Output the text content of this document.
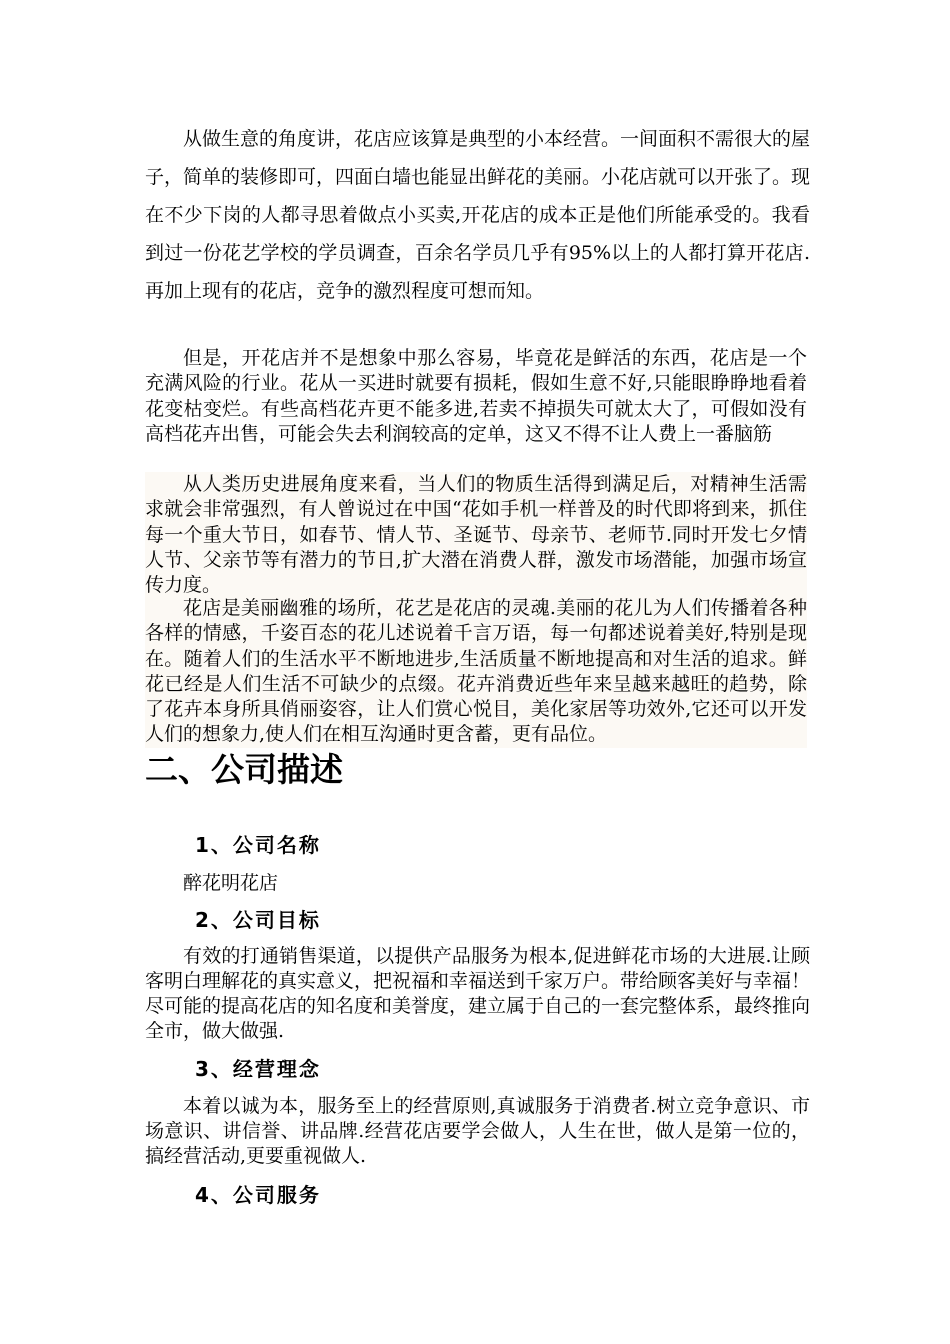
从做生意的角度讲，花店应该算是典型的小本经营。一间面积不需很大的屋子，简单的装修即可，四面白墙也能显出鲜花的美丽。小花店就可以开张了。现在不少下岗的人都寻思着做点小买卖,开花店的成本正是他们所能承受的。我看到过一份花艺学校的学员调查，百余名学员几乎有95%以上的人都打算开花店.再加上现有的花店，竞争的激烈程度可想而知。

但是，开花店并不是想象中那么容易，毕竟花是鲜活的东西，花店是一个充满风险的行业。花从一买进时就要有损耗，假如生意不好,只能眼睁睁地看着花变枯变烂。有些高档花卉更不能多进,若卖不掉损失可就太大了，可假如没有高档花卉出售，可能会失去利润较高的定单，这又不得不让人费上一番脑筋

从人类历史进展角度来看，当人们的物质生活得到满足后，对精神生活需求就会非常强烈，有人曾说过在中国“花如手机一样普及的时代即将到来，抓住每一个重大节日，如春节、情人节、圣诞节、母亲节、老师节.同时开发七夕情人节、父亲节等有潜力的节日,扩大潜在消费人群，激发市场潜能，加强市场宣传力度。

花店是美丽幽雅的场所，花艺是花店的灵魂.美丽的花儿为人们传播着各种各样的情感，千姿百态的花儿述说着千言万语，每一句都述说着美好,特别是现在。随着人们的生活水平不断地进步,生活质量不断地提高和对生活的追求。鲜花已经是人们生活不可缺少的点缀。花卉消费近些年来呈越来越旺的趋势，除了花卉本身所具俏丽姿容，让人们赏心悦目，美化家居等功效外,它还可以开发人们的想象力,使人们在相互沟通时更含蓄，更有品位。

二、公司描述
1、公司名称

醉花明花店

2、公司目标

有效的打通销售渠道，以提供产品服务为根本,促进鲜花市场的大进展.让顾客明白理解花的真实意义，把祝福和幸福送到千家万户。带给顾客美好与幸福！尽可能的提高花店的知名度和美誉度，建立属于自己的一套完整体系，最终推向全市，做大做强.

3、经营理念

本着以诚为本，服务至上的经营原则,真诚服务于消费者.树立竞争意识、市场意识、讲信誉、讲品牌.经营花店要学会做人，人生在世，做人是第一位的，搞经营活动,更要重视做人.

4、公司服务
